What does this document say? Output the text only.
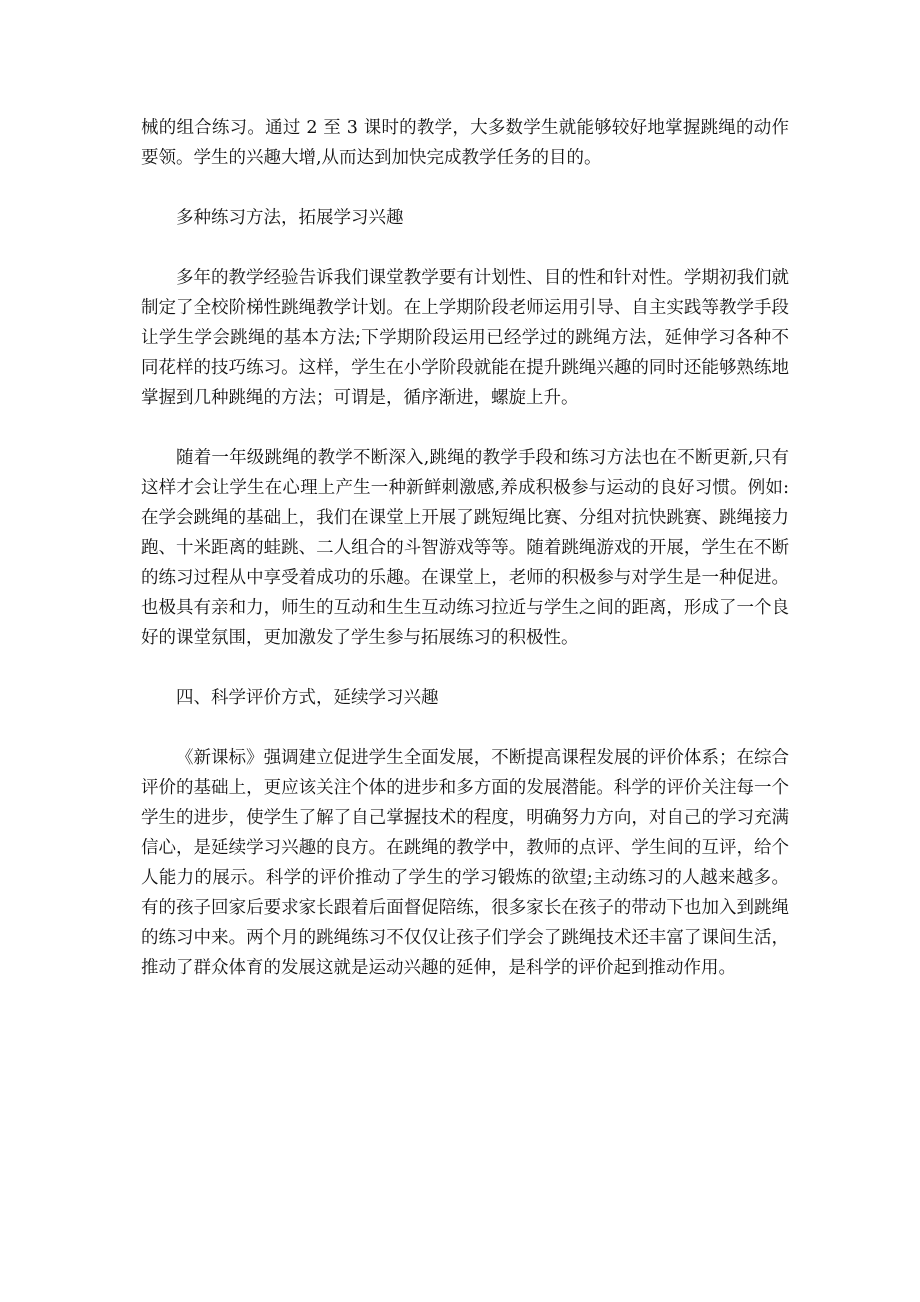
械的组合练习。通过 2 至 3 课时的教学，大多数学生就能够较好地掌握跳绳的动作要领。学生的兴趣大增,从而达到加快完成教学任务的目的。

多种练习方法，拓展学习兴趣

多年的教学经验告诉我们课堂教学要有计划性、目的性和针对性。学期初我们就制定了全校阶梯性跳绳教学计划。在上学期阶段老师运用引导、自主实践等教学手段让学生学会跳绳的基本方法;下学期阶段运用已经学过的跳绳方法，延伸学习各种不同花样的技巧练习。这样，学生在小学阶段就能在提升跳绳兴趣的同时还能够熟练地掌握到几种跳绳的方法；可谓是，循序渐进，螺旋上升。

随着一年级跳绳的教学不断深入,跳绳的教学手段和练习方法也在不断更新,只有这样才会让学生在心理上产生一种新鲜刺激感,养成积极参与运动的良好习惯。例如:在学会跳绳的基础上，我们在课堂上开展了跳短绳比赛、分组对抗快跳赛、跳绳接力跑、十米距离的蛙跳、二人组合的斗智游戏等等。随着跳绳游戏的开展，学生在不断的练习过程从中享受着成功的乐趣。在课堂上，老师的积极参与对学生是一种促进。也极具有亲和力，师生的互动和生生互动练习拉近与学生之间的距离，形成了一个良好的课堂氛围，更加激发了学生参与拓展练习的积极性。

四、科学评价方式，延续学习兴趣

《新课标》强调建立促进学生全面发展，不断提高课程发展的评价体系；在综合评价的基础上，更应该关注个体的进步和多方面的发展潜能。科学的评价关注每一个学生的进步，使学生了解了自己掌握技术的程度，明确努力方向，对自己的学习充满信心，是延续学习兴趣的良方。在跳绳的教学中，教师的点评、学生间的互评，给个人能力的展示。科学的评价推动了学生的学习锻炼的欲望;主动练习的人越来越多。有的孩子回家后要求家长跟着后面督促陪练，很多家长在孩子的带动下也加入到跳绳的练习中来。两个月的跳绳练习不仅仅让孩子们学会了跳绳技术还丰富了课间生活，推动了群众体育的发展这就是运动兴趣的延伸，是科学的评价起到推动作用。
